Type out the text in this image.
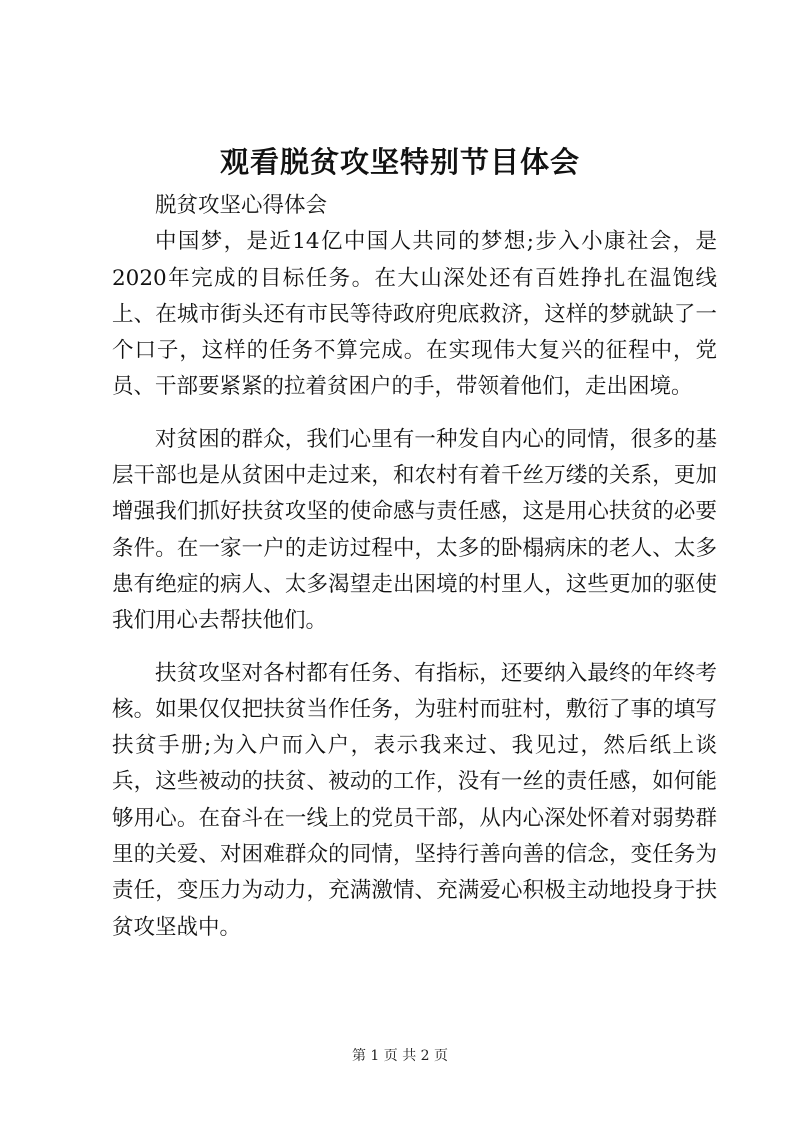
观看脱贫攻坚特别节目体会

脱贫攻坚心得体会

中国梦，是近14亿中国人共同的梦想;步入小康社会，是2020年完成的目标任务。在大山深处还有百姓挣扎在温饱线上、在城市街头还有市民等待政府兜底救济，这样的梦就缺了一个口子，这样的任务不算完成。在实现伟大复兴的征程中，党员、干部要紧紧的拉着贫困户的手，带领着他们，走出困境。

对贫困的群众，我们心里有一种发自内心的同情，很多的基层干部也是从贫困中走过来，和农村有着千丝万缕的关系，更加增强我们抓好扶贫攻坚的使命感与责任感，这是用心扶贫的必要条件。在一家一户的走访过程中，太多的卧榻病床的老人、太多患有绝症的病人、太多渴望走出困境的村里人，这些更加的驱使我们用心去帮扶他们。

扶贫攻坚对各村都有任务、有指标，还要纳入最终的年终考核。如果仅仅把扶贫当作任务，为驻村而驻村，敷衍了事的填写扶贫手册;为入户而入户，表示我来过、我见过，然后纸上谈兵，这些被动的扶贫、被动的工作，没有一丝的责任感，如何能够用心。在奋斗在一线上的党员干部，从内心深处怀着对弱势群里的关爱、对困难群众的同情，坚持行善向善的信念，变任务为责任，变压力为动力，充满激情、充满爱心积极主动地投身于扶贫攻坚战中。

第 1 页 共 2 页
